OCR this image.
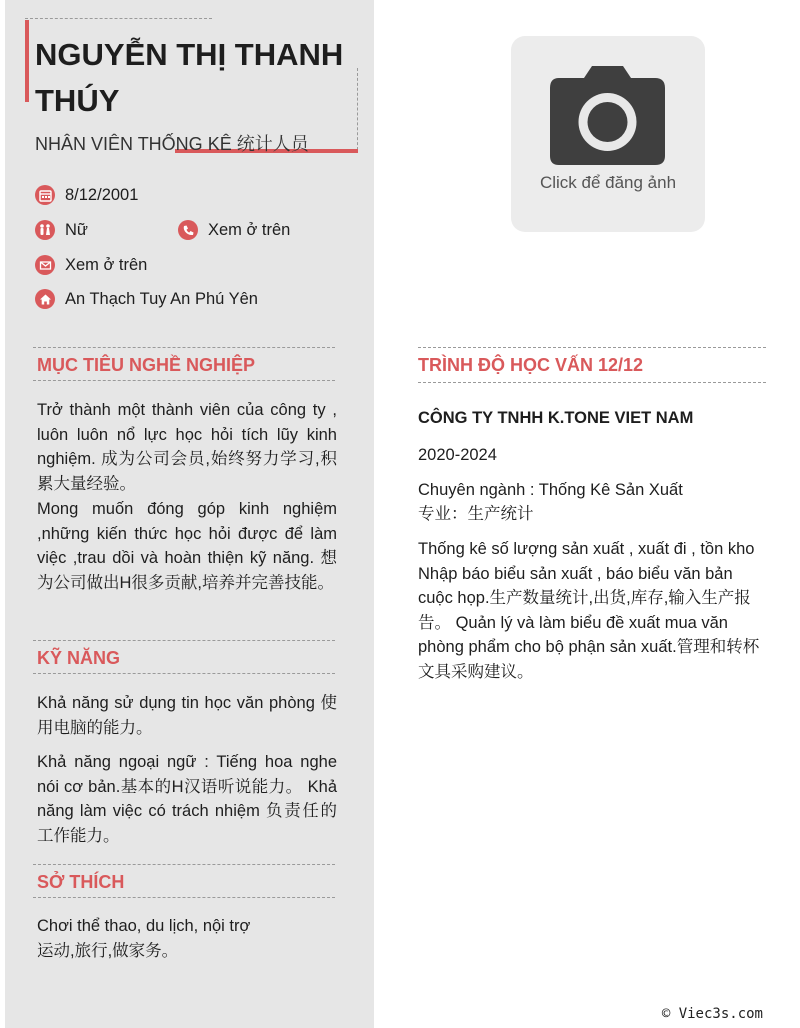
NGUYỄN THỊ THANH THÚY
NHÂN VIÊN THỐNG KÊ 统计人员
8/12/2001
Nữ	Xem ở trên
Xem ở trên
An Thạch Tuy An Phú Yên
MỤC TIÊU NGHỀ NGHIỆP

Trở thành một thành viên của công ty , luôn luôn nổ lực học hỏi tích lũy kinh nghiệm. 成为公司会员,始终努力学习,积累大量经验。

Mong muốn đóng góp kinh nghiệm ,những kiến thức học hỏi được để làm việc ,trau dồi và hoàn thiện kỹ năng. 想为公司做出H很多贡献,培养并完善技能。

KỸ NĂNG

Khả năng sử dụng tin học văn phòng 使用电脑的能力。

Khả năng ngoại ngữ : Tiếng hoa nghe nói cơ bản.基本的H汉语听说能力。 Khả năng làm việc có trách nhiệm 负责任的工作能力。

SỞ THÍCH

Chơi thể thao, du lịch, nội trợ

运动,旅行,做家务。

Click để đăng ảnh
TRÌNH ĐỘ HỌC VẤN 12/12

CÔNG TY TNHH K.TONE VIET NAM

2020-2024

Chuyên ngành : Thống Kê Sản Xuất

专业：生产统计

Thống kê số lượng sản xuất , xuất đi , tồn kho Nhập báo biểu sản xuất , báo biểu văn bản cuộc họp.生产数量统计,出货,库存,输入生产报告。 Quản lý và làm biểu đề xuất mua văn phòng phẩm cho bộ phận sản xuất.管理和转杯文具采购建议。

© Viec3s.com
